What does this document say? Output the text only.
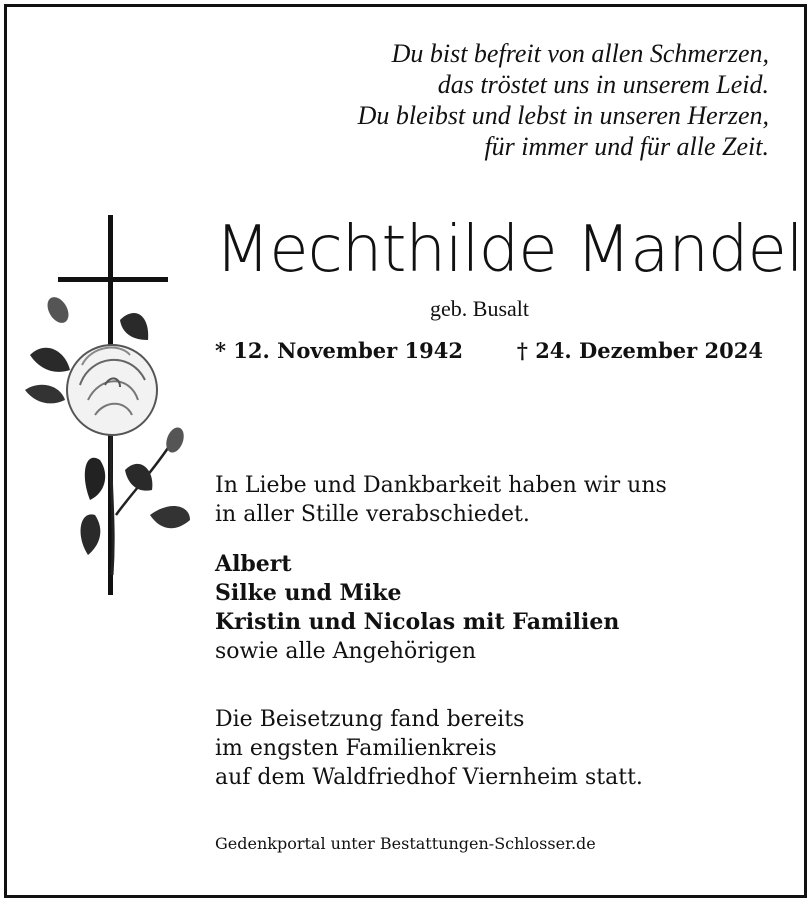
Du bist befreit von allen Schmerzen,
das tröstet uns in unserem Leid.
Du bleibst und lebst in unseren Herzen,
für immer und für alle Zeit.
Mechthilde Mandel
geb. Busalt
* 12. November 1942	† 24. Dezember 2024
In Liebe und Dankbarkeit haben wir uns
in aller Stille verabschiedet.
Albert
Silke und Mike
Kristin und Nicolas mit Familien
sowie alle Angehörigen
Die Beisetzung fand bereits
im engsten Familienkreis
auf dem Waldfriedhof Viernheim statt.
Gedenkportal unter Bestattungen-Schlosser.de
